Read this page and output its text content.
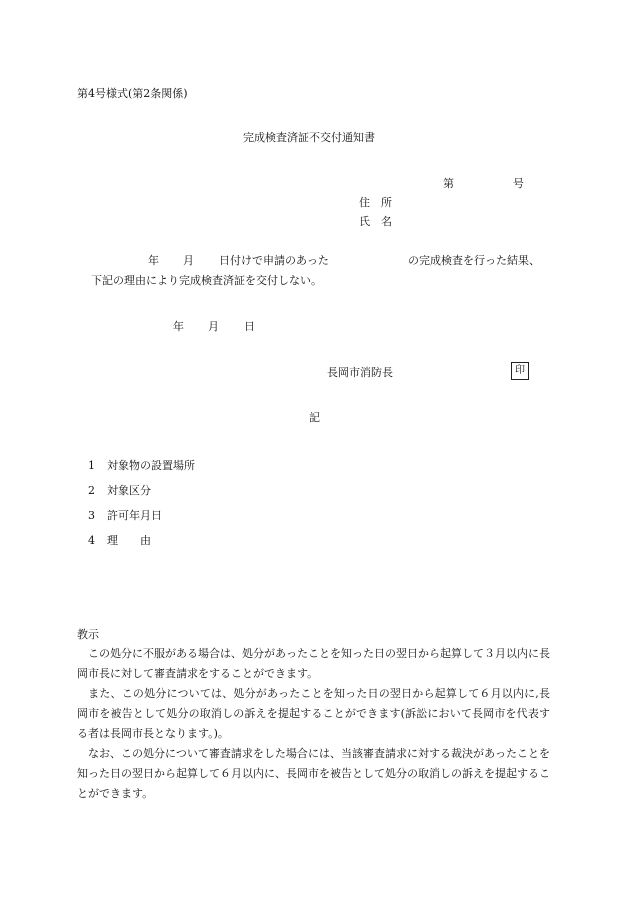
第4号様式(第2条関係)
完成検査済証不交付通知書
第	号
住　所
氏　名
年 月 日付けで申請のあった	の完成検査を行った結果、
下記の理由により完成検査済証を交付しない。
年 月 日
長岡市消防長	印
記
1 対象物の設置場所
2 対象区分
3 許可年月日
4 理　　由
教示
　この処分に不服がある場合は、処分があったことを知った日の翌日から起算して３月以内に長岡市長に対して審査請求をすることができます。
　また、この処分については、処分があったことを知った日の翌日から起算して６月以内に,長岡市を被告として処分の取消しの訴えを提起することができます(訴訟において長岡市を代表する者は長岡市長となります。)。
　なお、この処分について審査請求をした場合には、当該審査請求に対する裁決があったことを知った日の翌日から起算して６月以内に、長岡市を被告として処分の取消しの訴えを提起することができます。
